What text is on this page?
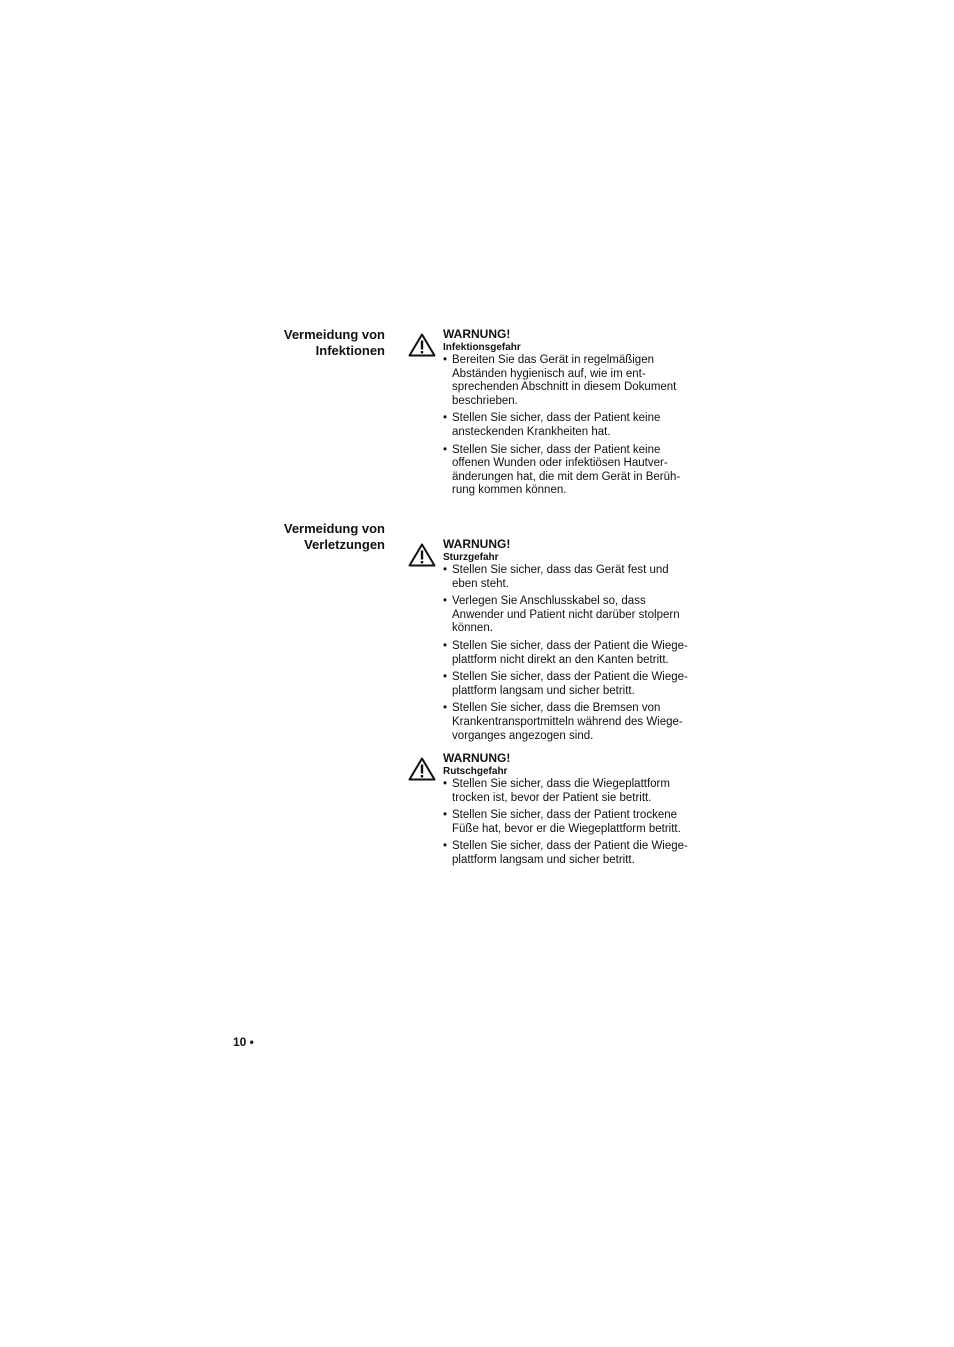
Vermeidung von
Infektionen
WARNUNG!
Infektionsgefahr
• Bereiten Sie das Gerät in regelmäßigen
Abständen hygienisch auf, wie im ent-
sprechenden Abschnitt in diesem Dokument
beschrieben.
• Stellen Sie sicher, dass der Patient keine
ansteckenden Krankheiten hat.
• Stellen Sie sicher, dass der Patient keine
offenen Wunden oder infektiösen Hautver-
änderungen hat, die mit dem Gerät in Berüh-
rung kommen können.
Vermeidung von
Verletzungen	WARNUNG!
Sturzgefahr
• Stellen Sie sicher, dass das Gerät fest und
eben steht.
• Verlegen Sie Anschlusskabel so, dass
Anwender und Patient nicht darüber stolpern
können.
• Stellen Sie sicher, dass der Patient die Wiege-
plattform nicht direkt an den Kanten betritt.
• Stellen Sie sicher, dass der Patient die Wiege-
plattform langsam und sicher betritt.
• Stellen Sie sicher, dass die Bremsen von
Krankentransportmitteln während des Wiege-
vorganges angezogen sind.
WARNUNG!
Rutschgefahr
• Stellen Sie sicher, dass die Wiegeplattform
trocken ist, bevor der Patient sie betritt.
• Stellen Sie sicher, dass der Patient trockene
Füße hat, bevor er die Wiegeplattform betritt.
• Stellen Sie sicher, dass der Patient die Wiege-
plattform langsam und sicher betritt.
10 •
